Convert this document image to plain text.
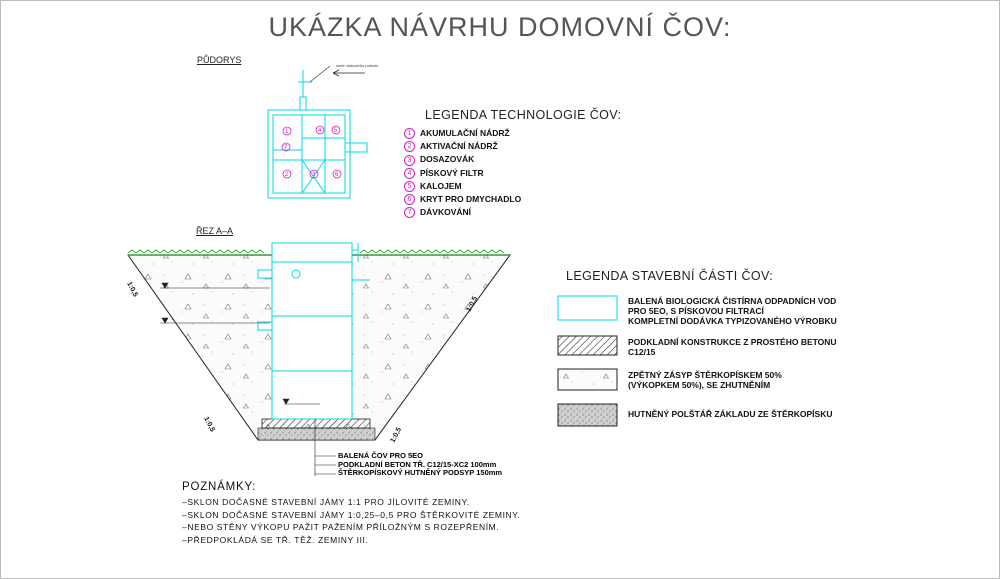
UKÁZKA NÁVRHU DOMOVNÍ ČOV:
PŮDORYS
směr vtokového potrubí
ŘEZ A–A
LEGENDA TECHNOLOGIE ČOV:
1 AKUMULAČNÍ NÁDRŽ
2 AKTIVAČNÍ NÁDRŽ
3 DOSAZOVÁK
4 PÍSKOVÝ FILTR
5 KALOJEM
6 KRYT PRO DMYCHADLO
7 DÁVKOVÁNÍ
LEGENDA STAVEBNÍ ČÁSTI ČOV:
BALENÁ BIOLOGICKÁ ČISTÍRNA ODPADNÍCH VOD
PRO 5EO, S PÍSKOVOU FILTRACÍ
KOMPLETNÍ DODÁVKA TYPIZOVANÉHO VÝROBKU
PODKLADNÍ KONSTRUKCE Z PROSTÉHO BETONU
C12/15
ZPĚTNÝ ZÁSYP ŠTĚRKOPÍSKEM 50%
(VÝKOPKEM 50%), SE ZHUTNĚNÍM
HUTNĚNÝ POLŠTÁŘ ZÁKLADU ZE ŠTĚRKOPÍSKU
POZNÁMKY:
–SKLON DOČASNÉ STAVEBNÍ JÁMY 1:1 PRO JÍLOVITÉ ZEMINY.
–SKLON DOČASNÉ STAVEBNÍ JÁMY 1:0,25–0,5 PRO ŠTĚRKOVITÉ ZEMINY.
–NEBO STĚNY VÝKOPU PAŽIT PAŽENÍM PŘÍLOŽNÝM S ROZEPŘENÍM.
–PŘEDPOKLÁDÁ SE TŘ. TĚŽ. ZEMINY III.
BALENÁ ČOV PRO 5EO
PODKLADNÍ BETON TŘ. C12/15-XC2 100mm
ŠTĚRKOPÍSKOVÝ HUTNĚNÝ PODSYP 150mm
1	4 5
7
2	3	6
1:0,5
1:0,5
1:0,5
1:0,5
